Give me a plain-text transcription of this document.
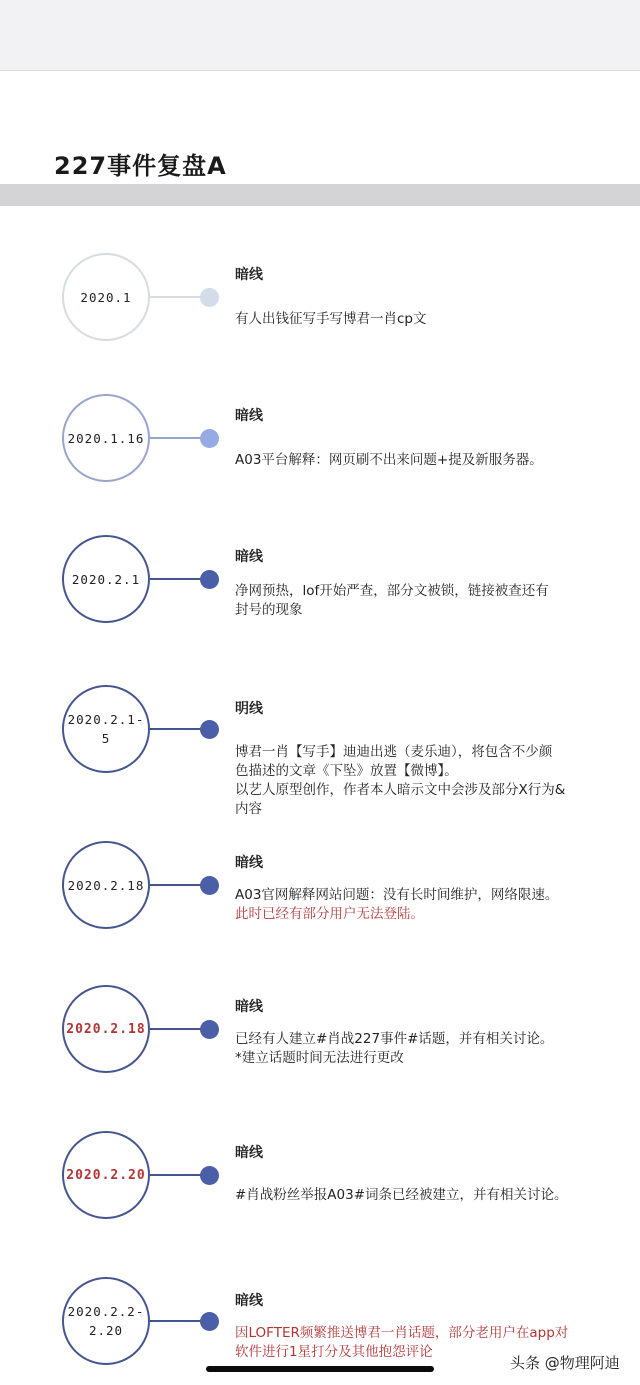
227事件复盘A
2020.1
暗线
有人出钱征写手写博君一肖cp文
2020.1.16
暗线
A03平台解释：网页刷不出来问题+提及新服务器。
2020.2.1
暗线
净网预热，lof开始严查，部分文被锁，链接被查还有
封号的现象
2020.2.1-5
明线
博君一肖【写手】迪迪出逃（麦乐迪），将包含不少颜
色描述的文章《下坠》放置【微博】。
以艺人原型创作，作者本人暗示文中会涉及部分X行为&
内容
2020.2.18
暗线
A03官网解释网站问题：没有长时间维护，网络限速。
此时已经有部分用户无法登陆。
2020.2.18
暗线
已经有人建立#肖战227事件#话题，并有相关讨论。
*建立话题时间无法进行更改
2020.2.20
暗线
#肖战粉丝举报A03#词条已经被建立，并有相关讨论。
2020.2.2-
2.20
暗线
因LOFTER频繁推送博君一肖话题，部分老用户在app对
软件进行1星打分及其他抱怨评论
头条 @物理阿迪
